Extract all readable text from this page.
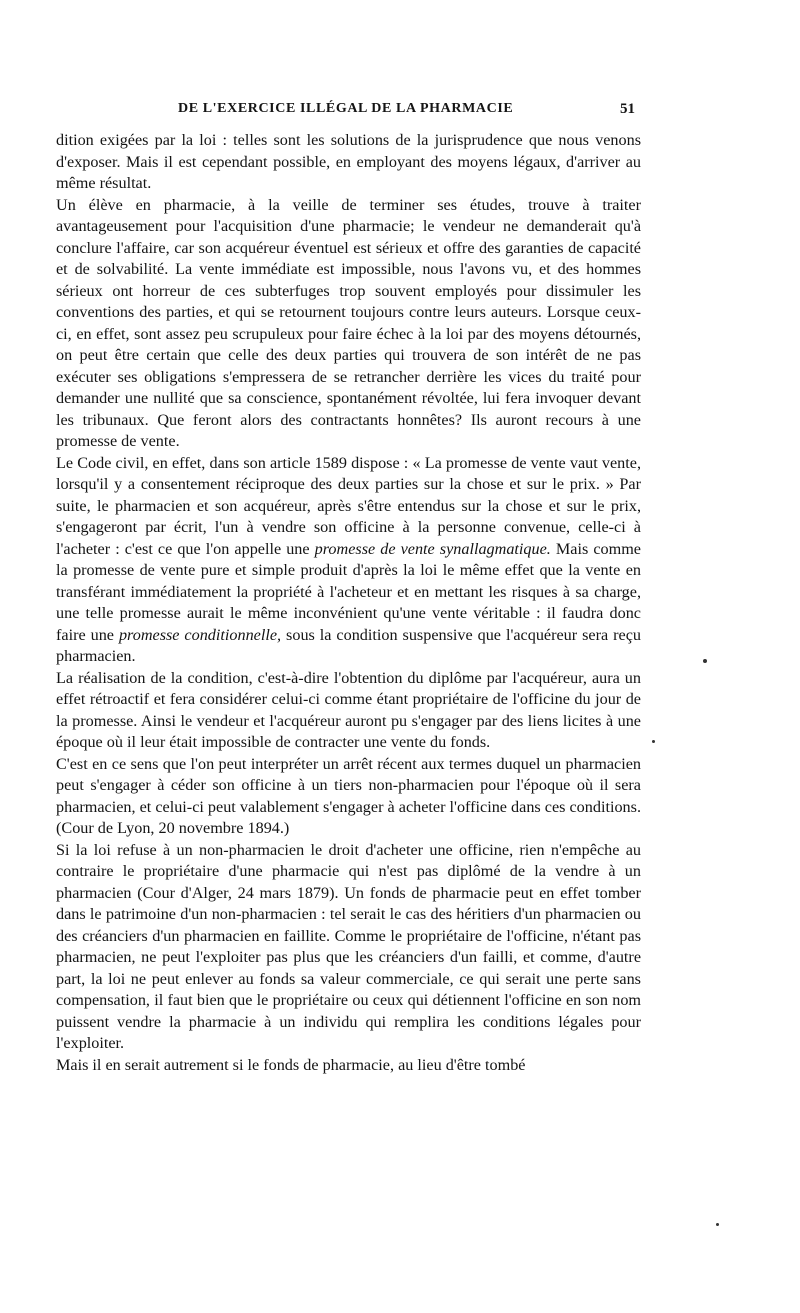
DE L'EXERCICE ILLÉGAL DE LA PHARMACIE	51

dition exigées par la loi : telles sont les solutions de la jurisprudence que nous venons d'exposer. Mais il est cependant possible, en employant des moyens légaux, d'arriver au même résultat.

Un élève en pharmacie, à la veille de terminer ses études, trouve à traiter avantageusement pour l'acquisition d'une pharmacie; le vendeur ne demanderait qu'à conclure l'affaire, car son acquéreur éventuel est sérieux et offre des garanties de capacité et de solvabilité. La vente immédiate est impossible, nous l'avons vu, et des hommes sérieux ont horreur de ces subterfuges trop souvent employés pour dissimuler les conventions des parties, et qui se retournent toujours contre leurs auteurs. Lorsque ceux-ci, en effet, sont assez peu scrupuleux pour faire échec à la loi par des moyens détournés, on peut être certain que celle des deux parties qui trouvera de son intérêt de ne pas exécuter ses obligations s'empressera de se retrancher derrière les vices du traité pour demander une nullité que sa conscience, spontanément révoltée, lui fera invoquer devant les tribunaux. Que feront alors des contractants honnêtes? Ils auront recours à une promesse de vente.

Le Code civil, en effet, dans son article 1589 dispose : « La promesse de vente vaut vente, lorsqu'il y a consentement réciproque des deux parties sur la chose et sur le prix. » Par suite, le pharmacien et son acquéreur, après s'être entendus sur la chose et sur le prix, s'engageront par écrit, l'un à vendre son officine à la personne convenue, celle-ci à l'acheter : c'est ce que l'on appelle une promesse de vente synallagmatique. Mais comme la promesse de vente pure et simple produit d'après la loi le même effet que la vente en transférant immédiatement la propriété à l'acheteur et en mettant les risques à sa charge, une telle promesse aurait le même inconvénient qu'une vente véritable : il faudra donc faire une promesse conditionnelle, sous la condition suspensive que l'acquéreur sera reçu pharmacien.

La réalisation de la condition, c'est-à-dire l'obtention du diplôme par l'acquéreur, aura un effet rétroactif et fera considérer celui-ci comme étant propriétaire de l'officine du jour de la promesse. Ainsi le vendeur et l'acquéreur auront pu s'engager par des liens licites à une époque où il leur était impossible de contracter une vente du fonds.

C'est en ce sens que l'on peut interpréter un arrêt récent aux termes duquel un pharmacien peut s'engager à céder son officine à un tiers non-pharmacien pour l'époque où il sera pharmacien, et celui-ci peut valablement s'engager à acheter l'officine dans ces conditions. (Cour de Lyon, 20 novembre 1894.)

Si la loi refuse à un non-pharmacien le droit d'acheter une officine, rien n'empêche au contraire le propriétaire d'une pharmacie qui n'est pas diplômé de la vendre à un pharmacien (Cour d'Alger, 24 mars 1879). Un fonds de pharmacie peut en effet tomber dans le patrimoine d'un non-pharmacien : tel serait le cas des héritiers d'un pharmacien ou des créanciers d'un pharmacien en faillite. Comme le propriétaire de l'officine, n'étant pas pharmacien, ne peut l'exploiter pas plus que les créanciers d'un failli, et comme, d'autre part, la loi ne peut enlever au fonds sa valeur commerciale, ce qui serait une perte sans compensation, il faut bien que le propriétaire ou ceux qui détiennent l'officine en son nom puissent vendre la pharmacie à un individu qui remplira les conditions légales pour l'exploiter.

Mais il en serait autrement si le fonds de pharmacie, au lieu d'être tombé
